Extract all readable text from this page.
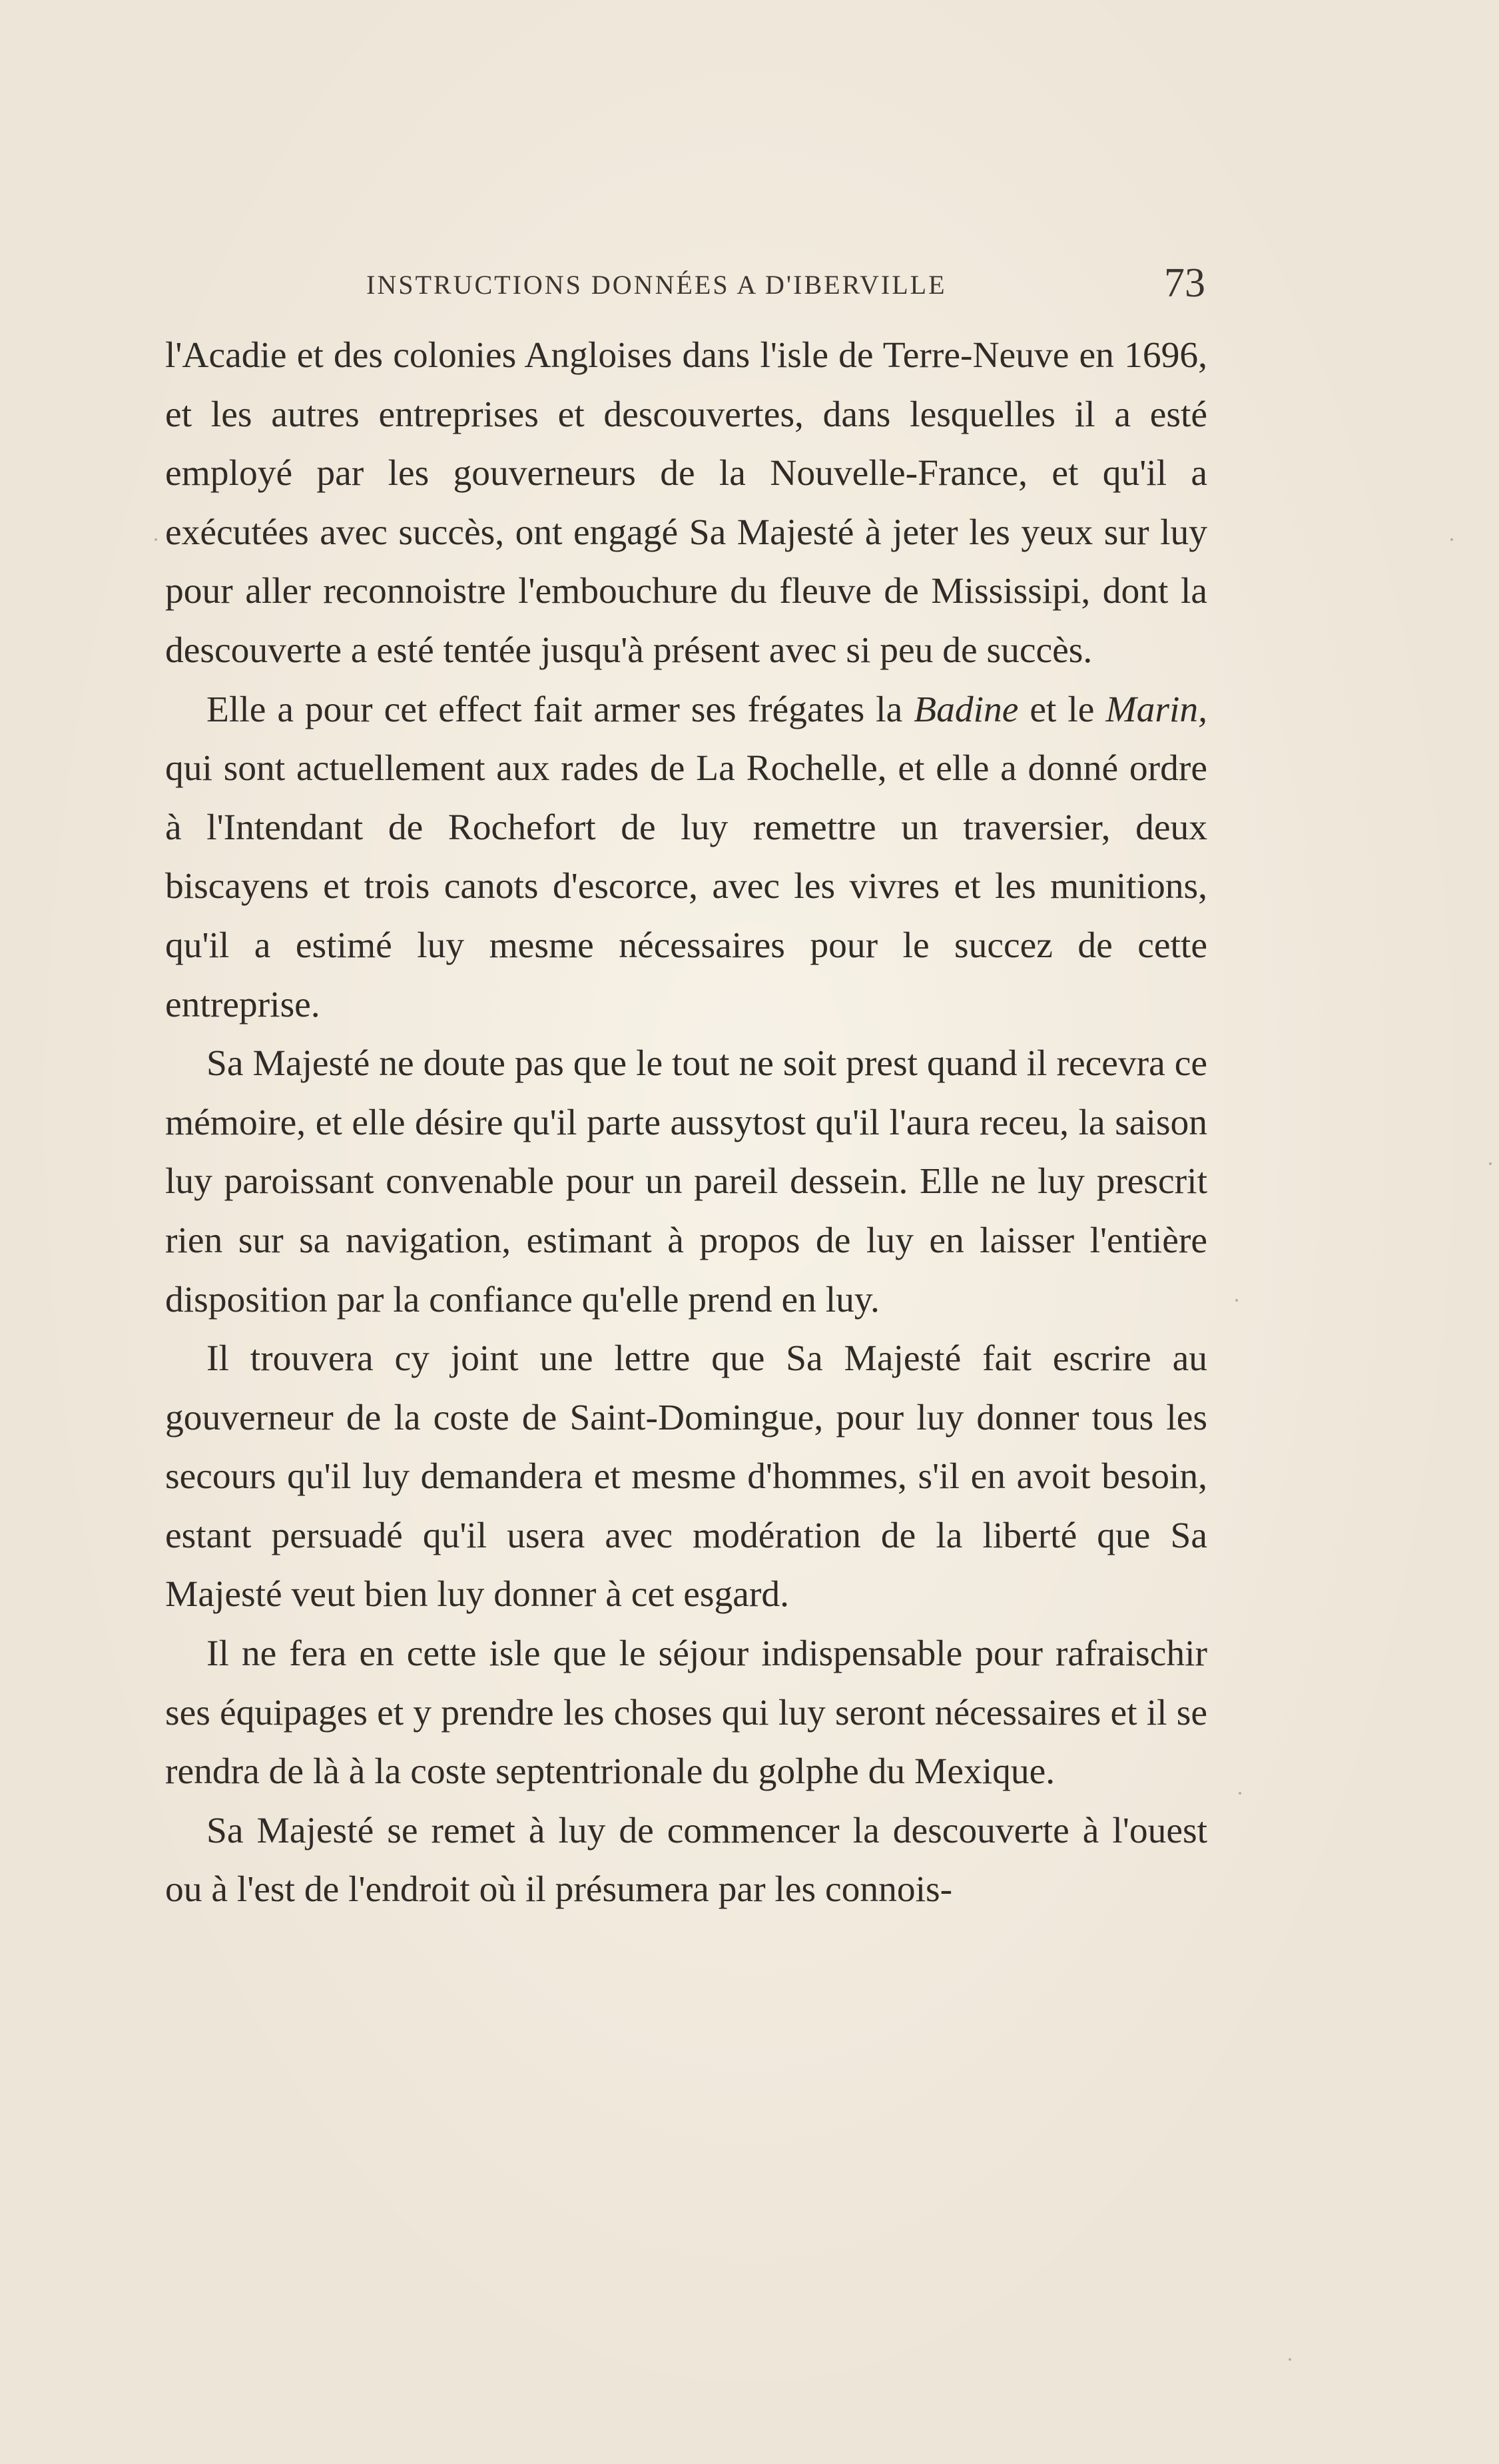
INSTRUCTIONS DONNÉES A D'IBERVILLE	73

l'Acadie et des colonies Angloises dans l'isle de Terre-Neuve en 1696, et les autres entreprises et descouvertes, dans lesquelles il a esté employé par les gouverneurs de la Nouvelle-France, et qu'il a exécutées avec succès, ont engagé Sa Majesté à jeter les yeux sur luy pour aller reconnoistre l'embouchure du fleuve de Mississipi, dont la descouverte a esté tentée jusqu'à présent avec si peu de succès.

Elle a pour cet effect fait armer ses frégates la Badine et le Marin, qui sont actuellement aux rades de La Rochelle, et elle a donné ordre à l'Intendant de Rochefort de luy remettre un traversier, deux biscayens et trois canots d'escorce, avec les vivres et les munitions, qu'il a estimé luy mesme nécessaires pour le succez de cette entreprise.

Sa Majesté ne doute pas que le tout ne soit prest quand il recevra ce mémoire, et elle désire qu'il parte aussytost qu'il l'aura receu, la saison luy paroissant convenable pour un pareil dessein. Elle ne luy prescrit rien sur sa navigation, estimant à propos de luy en laisser l'entière disposition par la confiance qu'elle prend en luy.

Il trouvera cy joint une lettre que Sa Majesté fait escrire au gouverneur de la coste de Saint-Domingue, pour luy donner tous les secours qu'il luy demandera et mesme d'hommes, s'il en avoit besoin, estant persuadé qu'il usera avec modération de la liberté que Sa Majesté veut bien luy donner à cet esgard.

Il ne fera en cette isle que le séjour indispensable pour rafraischir ses équipages et y prendre les choses qui luy seront nécessaires et il se rendra de là à la coste septentrionale du golphe du Mexique.

Sa Majesté se remet à luy de commencer la descouverte à l'ouest ou à l'est de l'endroit où il présumera par les connois-
